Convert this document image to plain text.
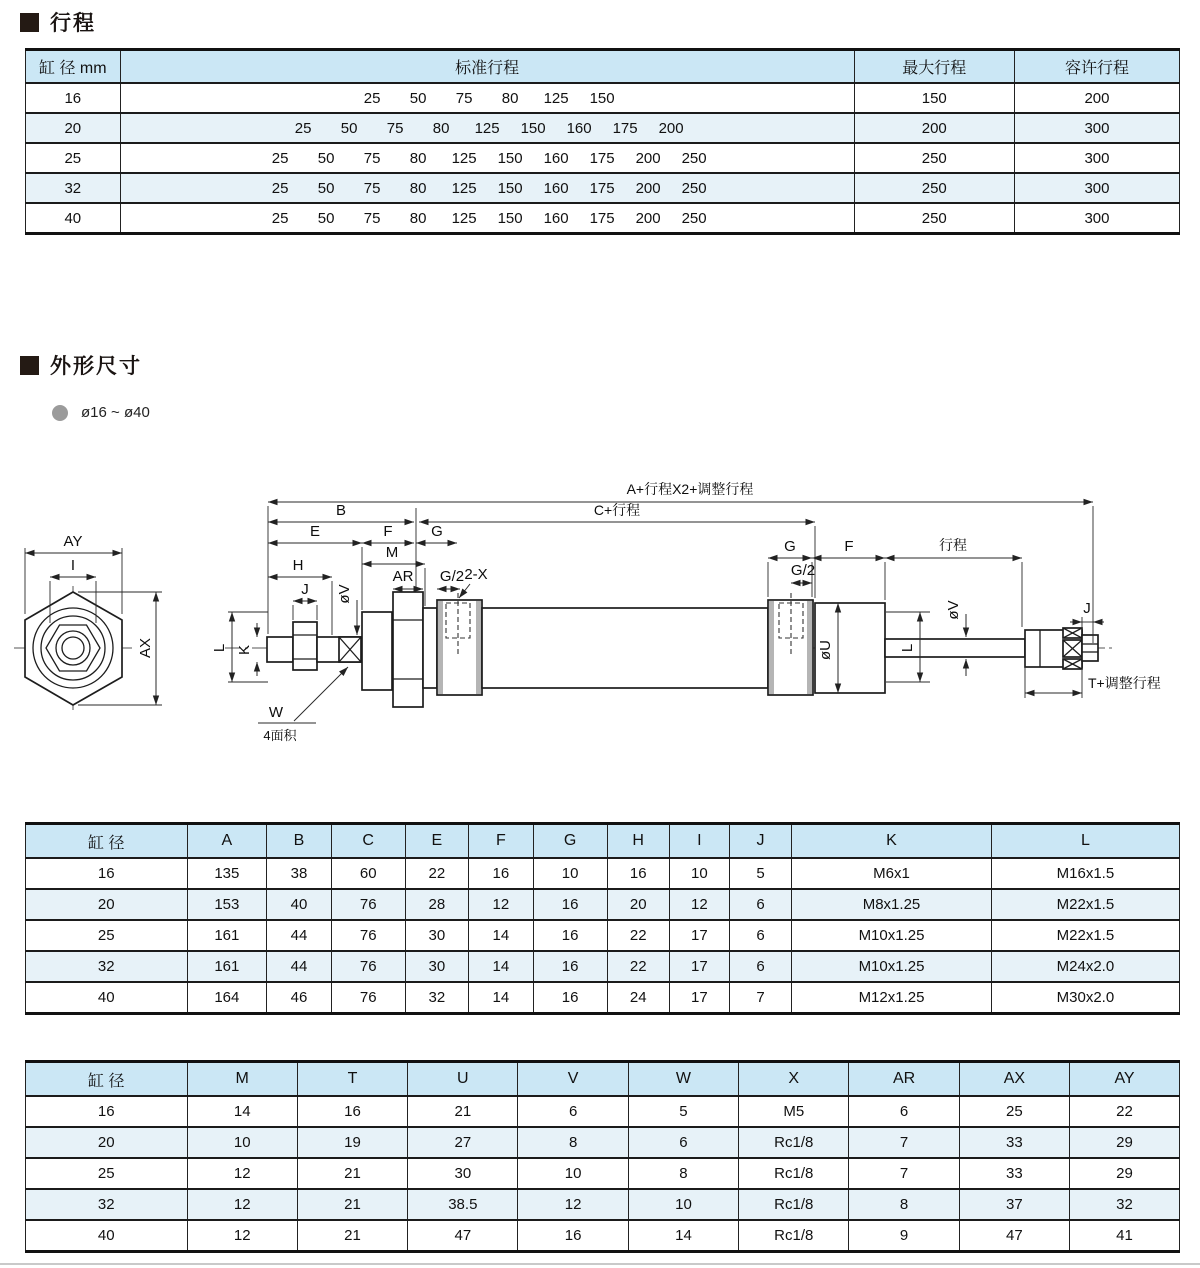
行程
缸 径 mm	标准行程	最大行程	容许行程
16	25 50 75 80 125 150	150	200
20	25 50 75 80 125 150 160 175 200	200	300
25	25 50 75 80 125 150 160 175 200 250	250	300
32	25 50 75 80 125 150 160 175 200 250	250	300
40	25 50 75 80 125 150 160 175 200 250	250	300
外形尺寸
ø16 ~ ø40
AY
I
AX
A+行程X2+调整行程
B	C+行程
E	F	G
M
H
J øV
AR G/2 2-X
W
4面积
L K
G	F	行程
G/2
øU
øV
L
J
T+调整行程
缸 径	A	B	C	E	F	G	H	I	J	K	L
16	135	38	60	22	16	10	16	10	5	M6x1	M16x1.5
20	153	40	76	28	12	16	20	12	6	M8x1.25	M22x1.5
25	161	44	76	30	14	16	22	17	6	M10x1.25	M22x1.5
32	161	44	76	30	14	16	22	17	6	M10x1.25	M24x2.0
40	164	46	76	32	14	16	24	17	7	M12x1.25	M30x2.0
缸 径	M	T	U	V	W	X	AR	AX	AY
16	14	16	21	6	5	M5	6	25	22
20	10	19	27	8	6	Rc1/8	7	33	29
25	12	21	30	10	8	Rc1/8	7	33	29
32	12	21	38.5	12	10	Rc1/8	8	37	32
40	12	21	47	16	14	Rc1/8	9	47	41
